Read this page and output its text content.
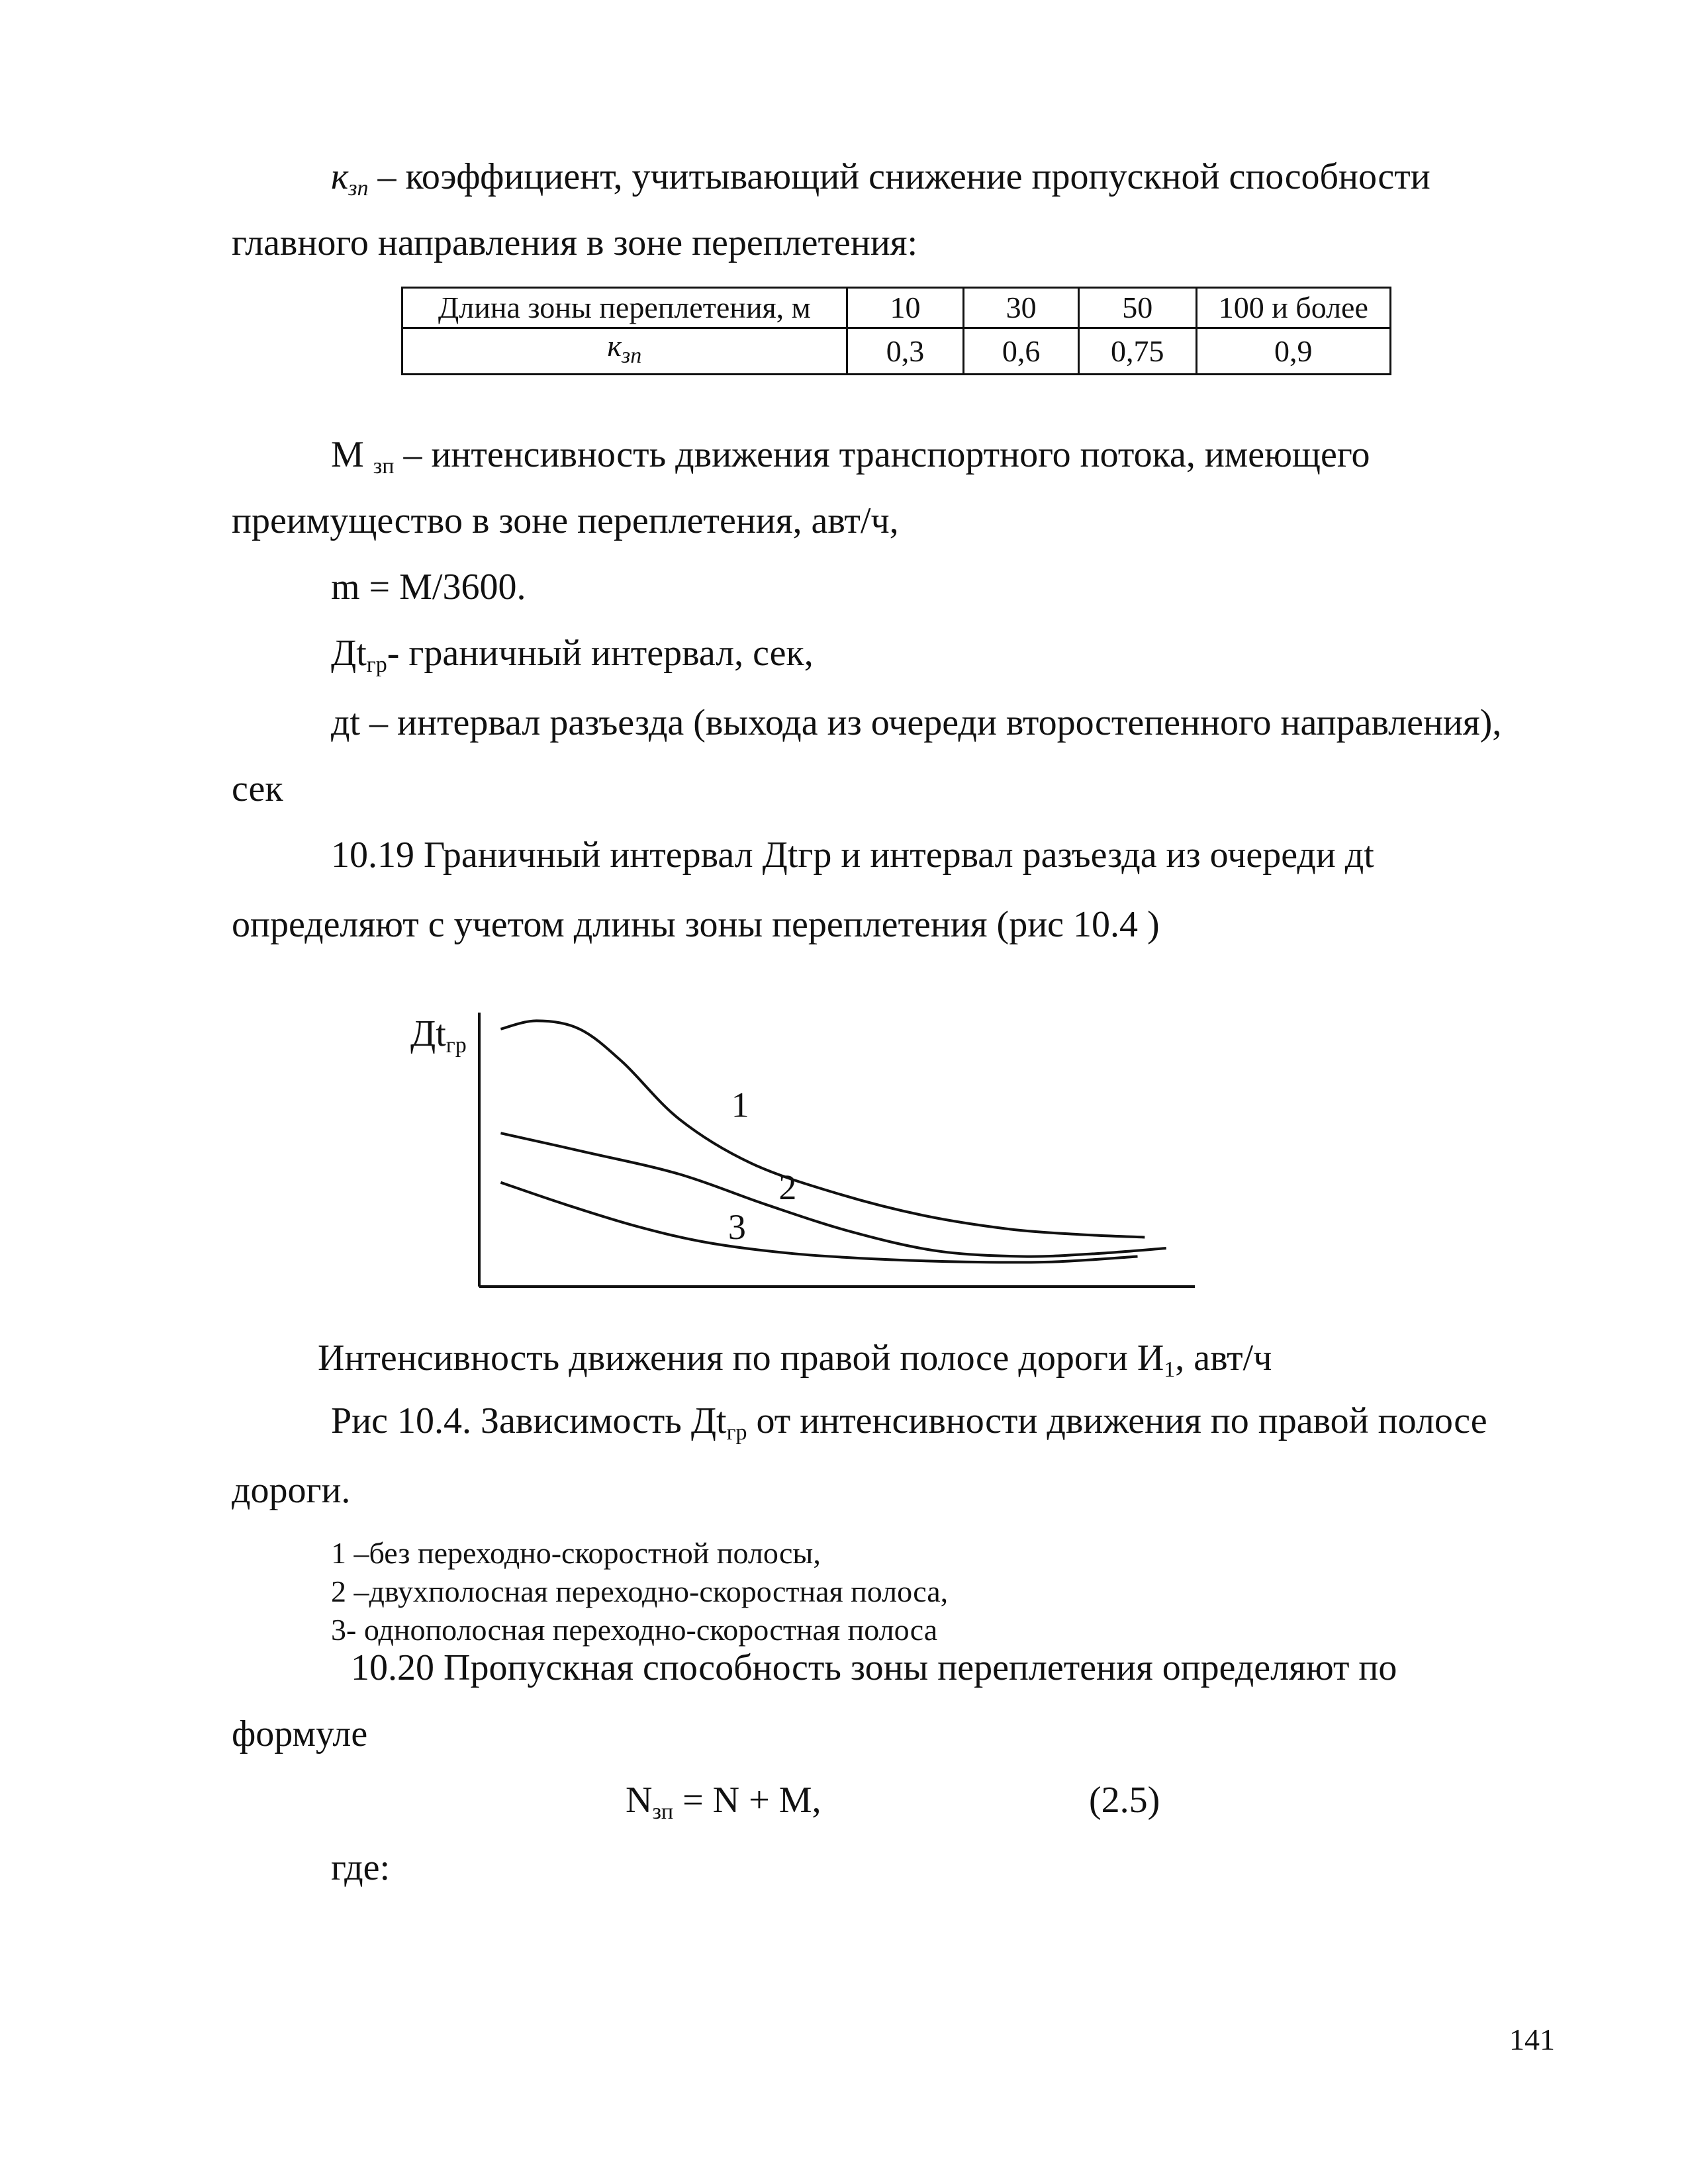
$к_{зп}$ – коэффициент, учитывающий снижение пропускной способности
главного направления в зоне переплетения:
Длина зоны переплетения, м	10	30	50	100 и более
$к_{зп}$	0,3	0,6	0,75	0,9
M $_{зп}$ – интенсивность движения транспортного потока, имеющего
преимущество в зоне переплетения, авт/ч,
m = M/3600.
$Дt_{гр}-$ граничный интервал, сек,
дt – интервал разъезда (выхода из очереди второстепенного направления),
сек
10.19 Граничный интервал Дtгр и интервал разъезда из очереди дt
определяют с учетом длины зоны переплетения (рис 10.4 )
Дtгр
1
2
3
Интенсивность движения по правой полосе дороги $И_1$, авт/ч
Рис 10.4. Зависимость $Дt_{гр}$ от интенсивности движения по правой полосе
дороги.
1 –без переходно-скоростной полосы,
2 –двухполосная переходно-скоростная полоса,
3- однополосная переходно-скоростная полоса
10.20 Пропускная способность зоны переплетения определяют по
формуле
$N_{зп} = N + M$,	(2.5)
где:
141
